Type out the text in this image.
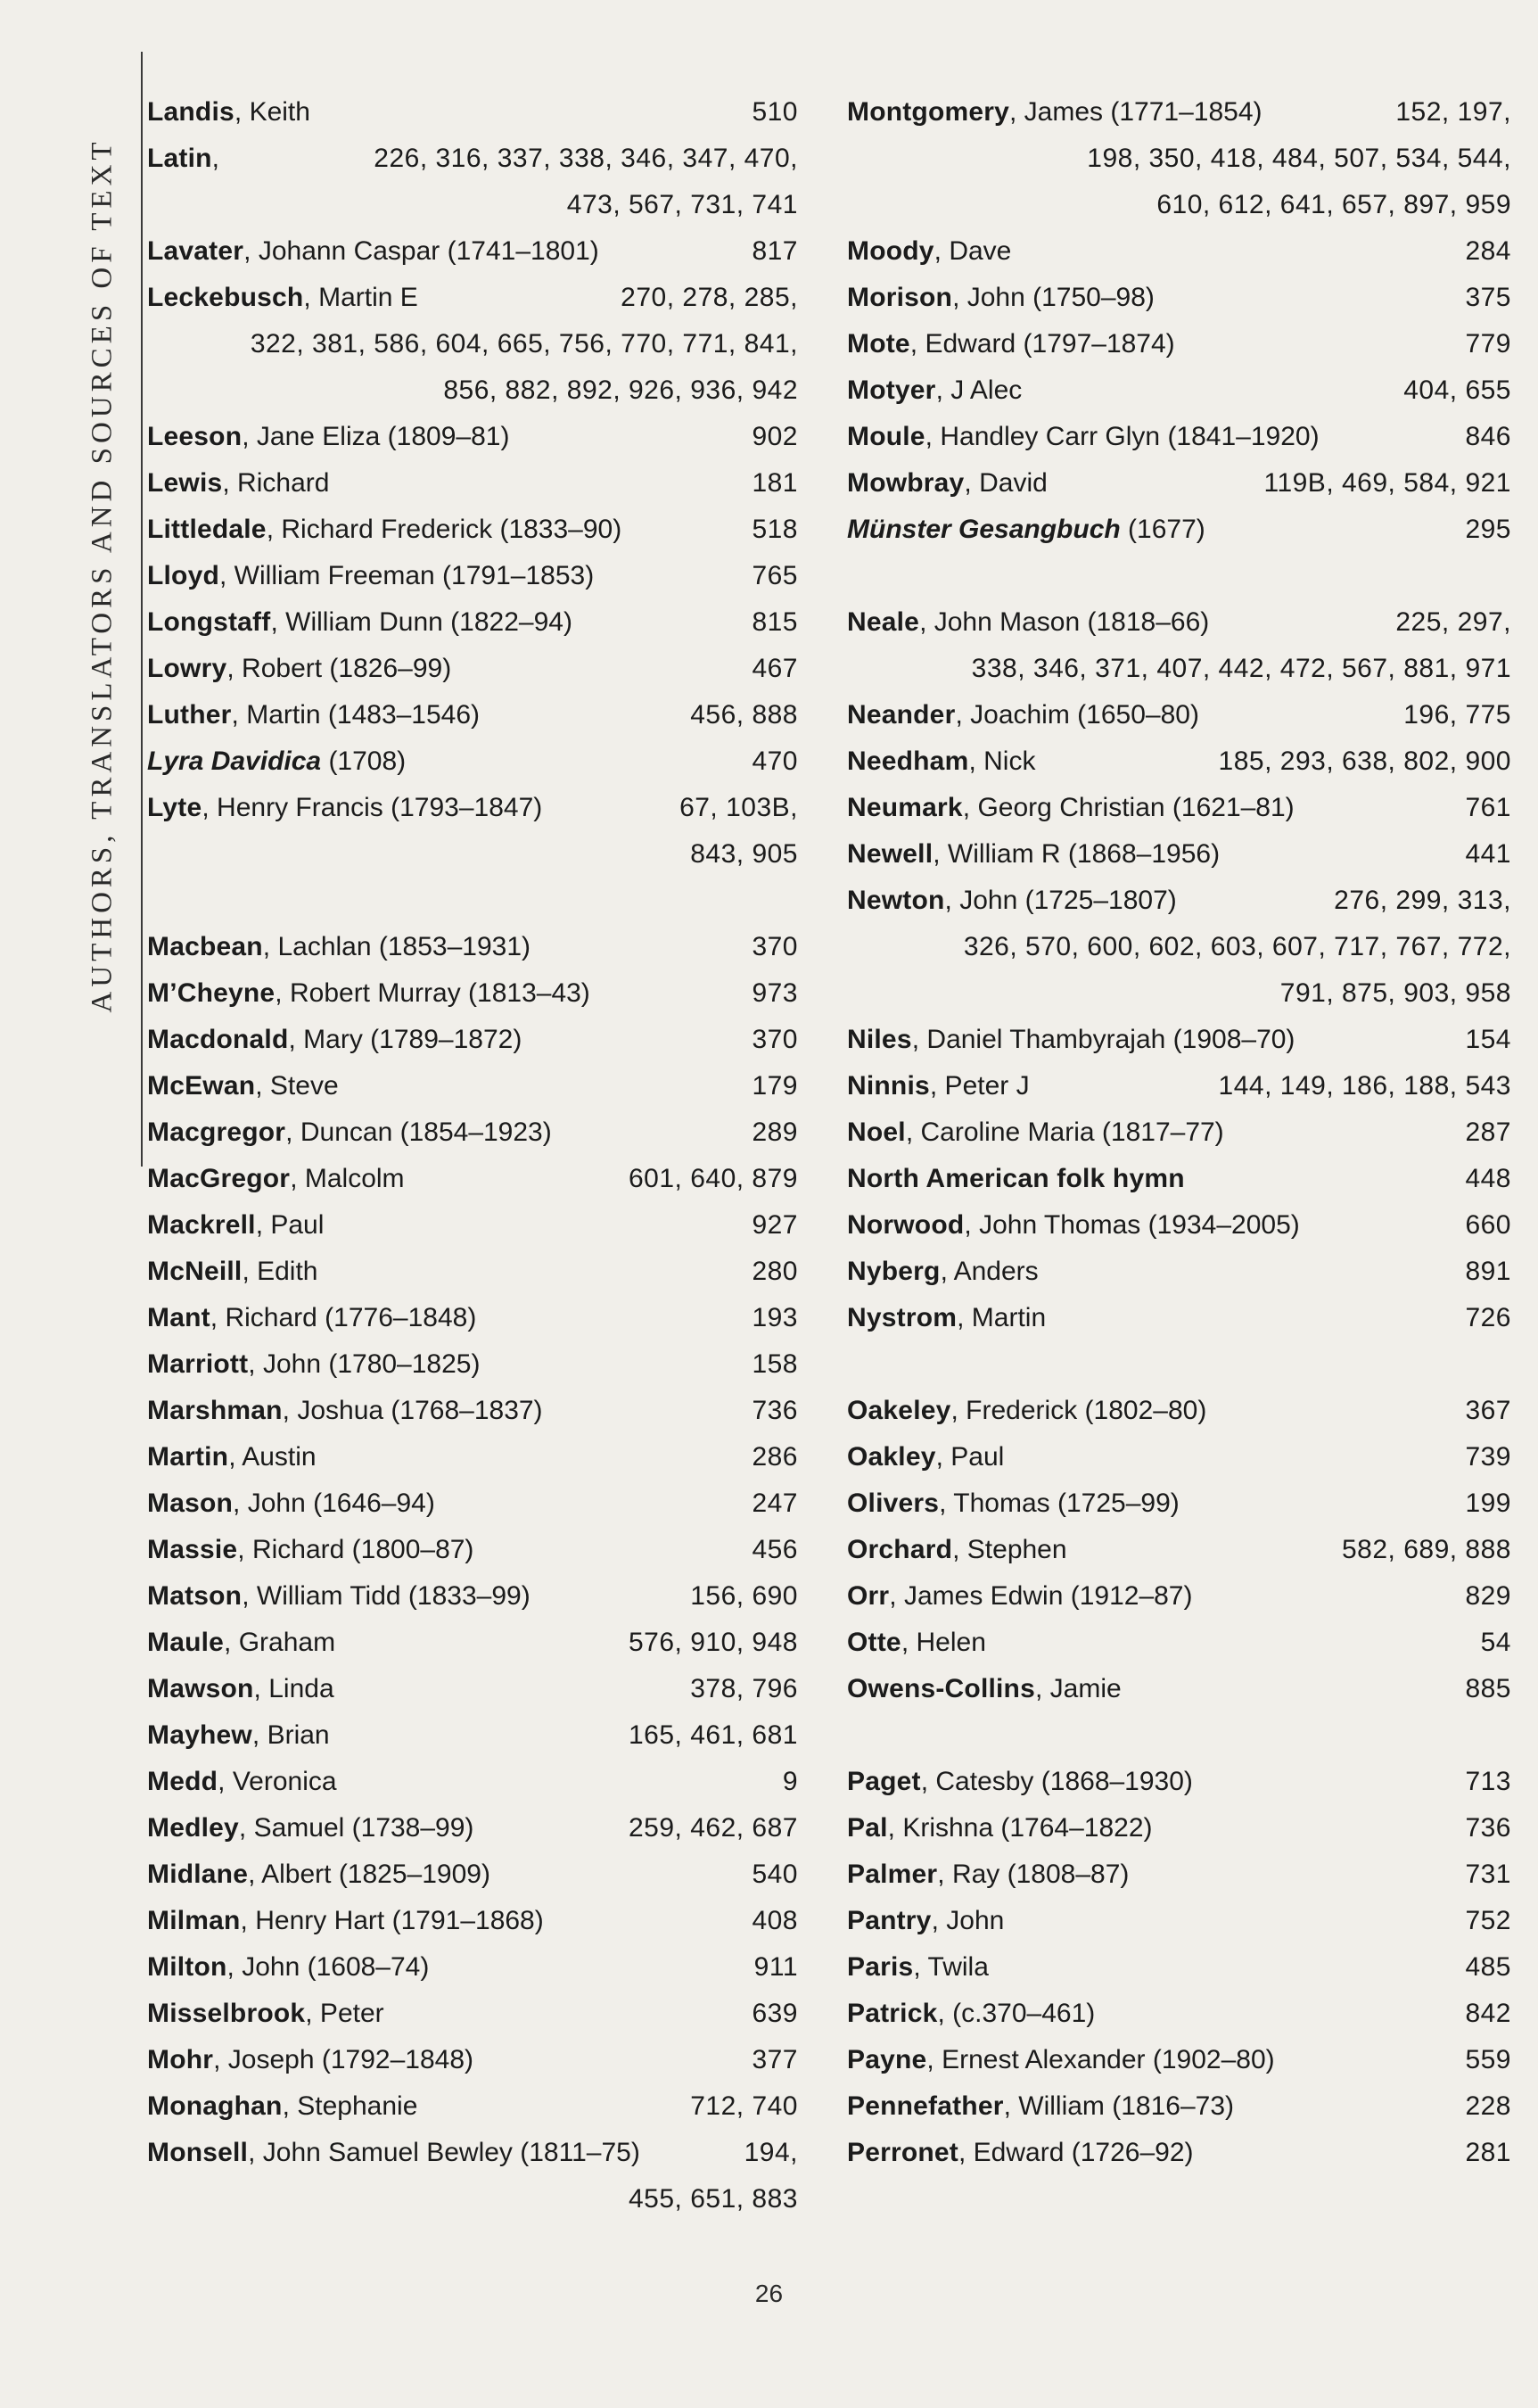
AUTHORS, TRANSLATORS AND SOURCES OF TEXT
Landis, Keith	510
Latin,	226, 316, 337, 338, 346, 347, 470,
473, 567, 731, 741
Lavater, Johann Caspar (1741–1801)	817
Leckebusch, Martin E	270, 278, 285,
322, 381, 586, 604, 665, 756, 770, 771, 841,
856, 882, 892, 926, 936, 942
Leeson, Jane Eliza (1809–81)	902
Lewis, Richard	181
Littledale, Richard Frederick (1833–90)	518
Lloyd, William Freeman (1791–1853)	765
Longstaff, William Dunn (1822–94)	815
Lowry, Robert (1826–99)	467
Luther, Martin (1483–1546)	456, 888
Lyra Davidica (1708)	470
Lyte, Henry Francis (1793–1847)	67, 103B,
843, 905
Macbean, Lachlan (1853–1931)	370
M’Cheyne, Robert Murray (1813–43)	973
Macdonald, Mary (1789–1872)	370
McEwan, Steve	179
Macgregor, Duncan (1854–1923)	289
MacGregor, Malcolm	601, 640, 879
Mackrell, Paul	927
McNeill, Edith	280
Mant, Richard (1776–1848)	193
Marriott, John (1780–1825)	158
Marshman, Joshua (1768–1837)	736
Martin, Austin	286
Mason, John (1646–94)	247
Massie, Richard (1800–87)	456
Matson, William Tidd (1833–99)	156, 690
Maule, Graham	576, 910, 948
Mawson, Linda	378, 796
Mayhew, Brian	165, 461, 681
Medd, Veronica	9
Medley, Samuel (1738–99)	259, 462, 687
Midlane, Albert (1825–1909)	540
Milman, Henry Hart (1791–1868)	408
Milton, John (1608–74)	911
Misselbrook, Peter	639
Mohr, Joseph (1792–1848)	377
Monaghan, Stephanie	712, 740
Monsell, John Samuel Bewley (1811–75)	194,
455, 651, 883
Montgomery, James (1771–1854)	152, 197,
198, 350, 418, 484, 507, 534, 544,
610, 612, 641, 657, 897, 959
Moody, Dave	284
Morison, John (1750–98)	375
Mote, Edward (1797–1874)	779
Motyer, J Alec	404, 655
Moule, Handley Carr Glyn (1841–1920)	846
Mowbray, David	119B, 469, 584, 921
Münster Gesangbuch (1677)	295
Neale, John Mason (1818–66)	225, 297,
338, 346, 371, 407, 442, 472, 567, 881, 971
Neander, Joachim (1650–80)	196, 775
Needham, Nick	185, 293, 638, 802, 900
Neumark, Georg Christian (1621–81)	761
Newell, William R (1868–1956)	441
Newton, John (1725–1807)	276, 299, 313,
326, 570, 600, 602, 603, 607, 717, 767, 772,
791, 875, 903, 958
Niles, Daniel Thambyrajah (1908–70)	154
Ninnis, Peter J	144, 149, 186, 188, 543
Noel, Caroline Maria (1817–77)	287
North American folk hymn	448
Norwood, John Thomas (1934–2005)	660
Nyberg, Anders	891
Nystrom, Martin	726
Oakeley, Frederick (1802–80)	367
Oakley, Paul	739
Olivers, Thomas (1725–99)	199
Orchard, Stephen	582, 689, 888
Orr, James Edwin (1912–87)	829
Otte, Helen	54
Owens-Collins, Jamie	885
Paget, Catesby (1868–1930)	713
Pal, Krishna (1764–1822)	736
Palmer, Ray (1808–87)	731
Pantry, John	752
Paris, Twila	485
Patrick, (c.370–461)	842
Payne, Ernest Alexander (1902–80)	559
Pennefather, William (1816–73)	228
Perronet, Edward (1726–92)	281
26
